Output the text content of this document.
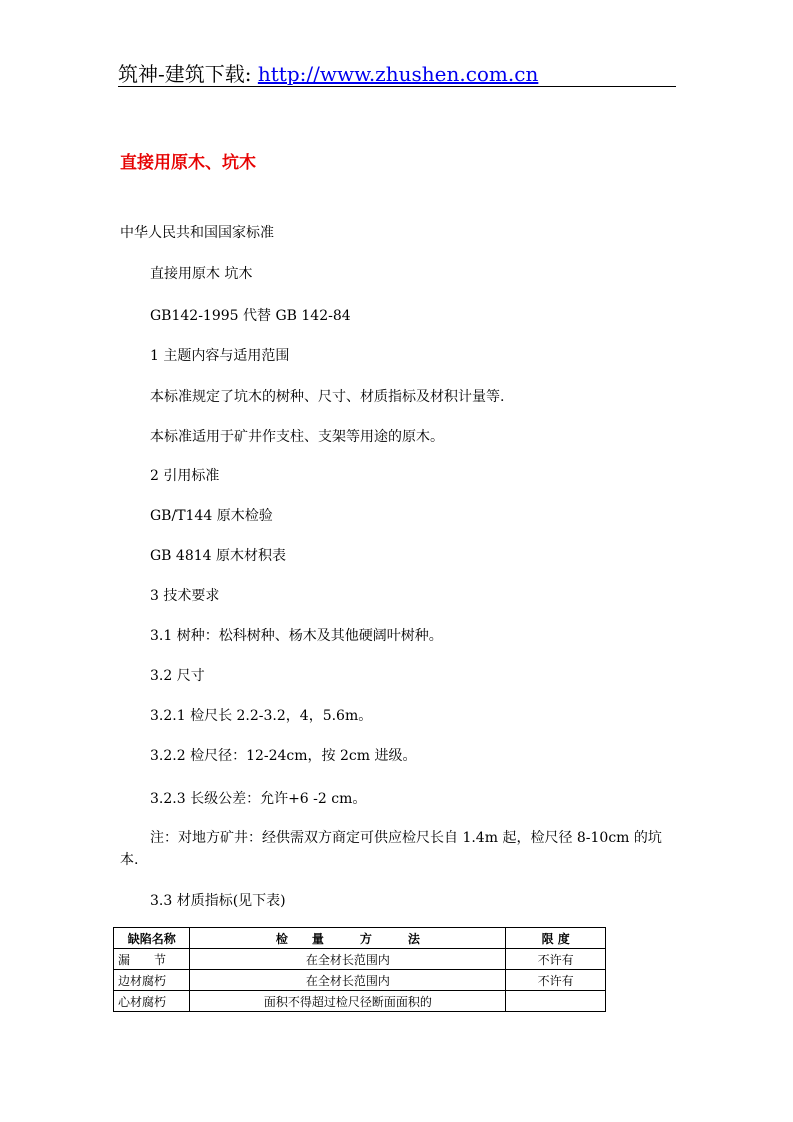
筑神-建筑下载: http://www.zhushen.com.cn
直接用原木、坑木
中华人民共和国国家标准
直接用原木 坑木
GB142-1995 代替 GB 142-84
1 主题内容与适用范围
本标准规定了坑木的树种、尺寸、材质指标及材积计量等.
本标准适用于矿井作支柱、支架等用途的原木。
2 引用标准
GB/T144 原木检验
GB 4814 原木材积表
3 技术要求
3.1 树种：松科树种、杨木及其他硬阔叶树种。
3.2 尺寸
3.2.1 检尺长 2.2-3.2，4，5.6m。
3.2.2 检尺径：12-24cm，按 2cm 进级。
3.2.3 长级公差：允许+6 -2 cm。
注：对地方矿井：经供需双方商定可供应检尺长自 1.4m 起，检尺径 8-10cm 的坑本.
3.3 材质指标(见下表)
缺陷名称	检　　量　　　方　　　法	限 度
漏　　节	在全材长范围内	不许有
边材腐朽	在全材长范围内	不许有
心材腐朽	面积不得超过检尺径断面面积的	
